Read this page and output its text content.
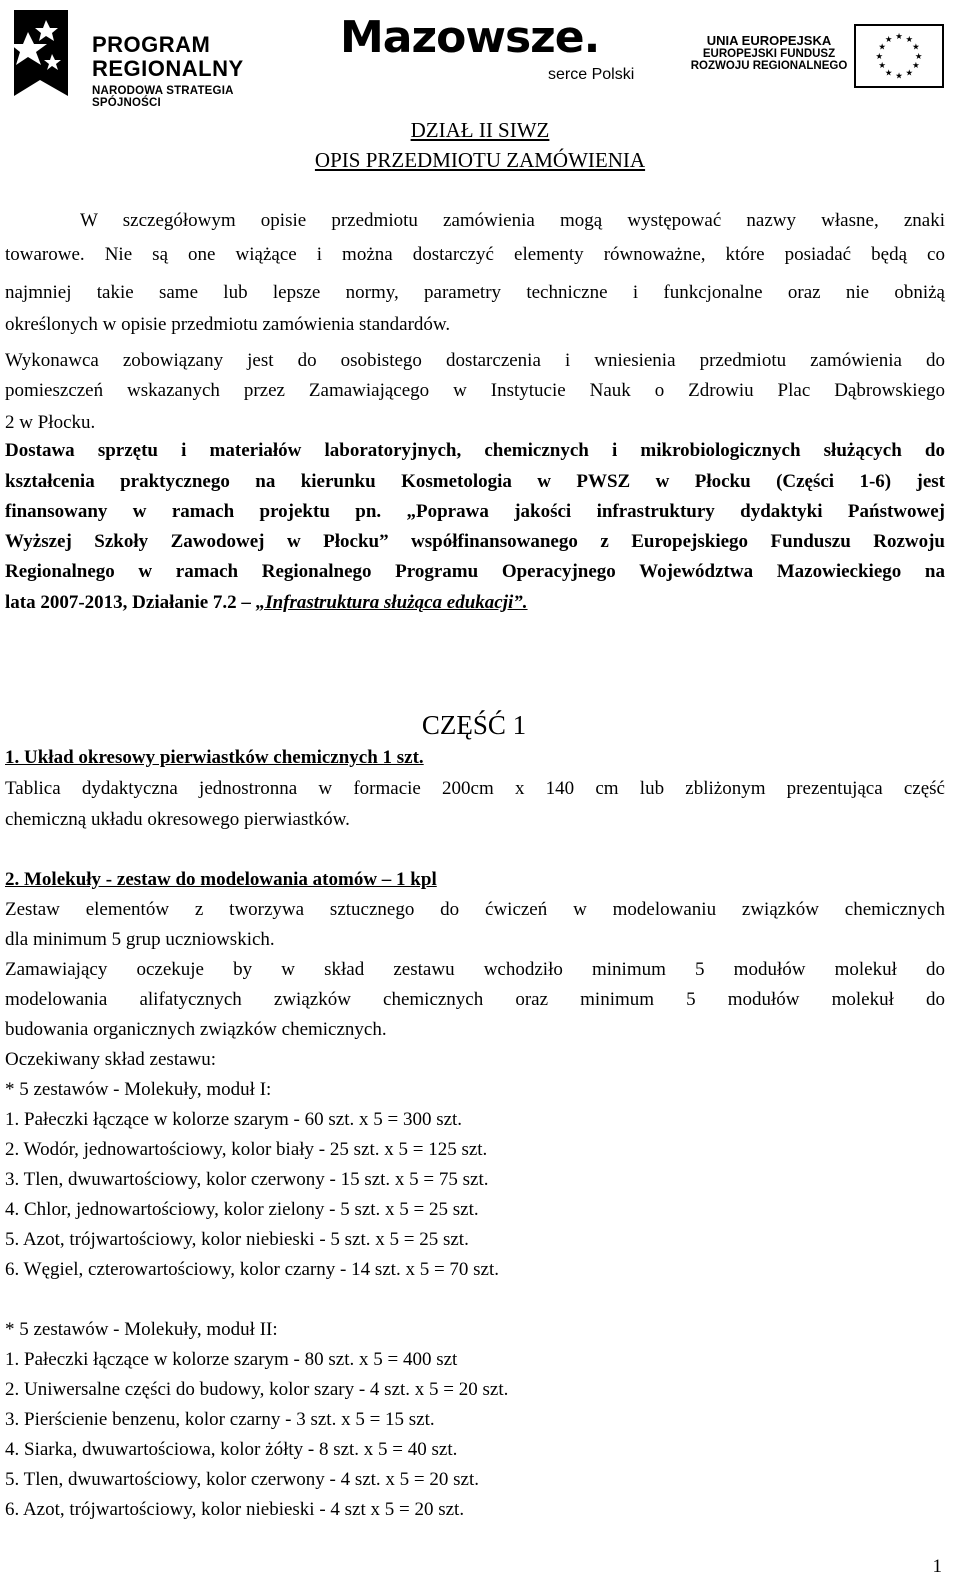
PROGRAM
REGIONALNY
NARODOWA STRATEGIA SPÓJNOŚCI
Mazowsze.
serce Polski
UNIA EUROPEJSKA
EUROPEJSKI FUNDUSZ
ROZWOJU REGIONALNEGO
★ ★
★
★
★
★
★
★
★
★
★
★
DZIAŁ II SIWZ
OPIS PRZEDMIOTU ZAMÓWIENIA
W szczegółowym opisie przedmiotu zamówienia mogą występować nazwy własne, znaki
towarowe. Nie są one wiążące i można dostarczyć elementy równoważne, które posiadać będą co
najmniej takie same lub lepsze normy, parametry techniczne i funkcjonalne oraz nie obniżą
określonych w opisie przedmiotu zamówienia standardów.
Wykonawca zobowiązany jest do osobistego dostarczenia i wniesienia przedmiotu zamówienia do
pomieszczeń wskazanych przez Zamawiającego w Instytucie Nauk o Zdrowiu Plac Dąbrowskiego
2 w Płocku.
Dostawa sprzętu i materiałów laboratoryjnych, chemicznych i mikrobiologicznych służących do
kształcenia praktycznego na kierunku Kosmetologia w PWSZ w Płocku (Części 1-6) jest
finansowany w ramach projektu pn. „Poprawa jakości infrastruktury dydaktyki Państwowej
Wyższej Szkoły Zawodowej w Płocku” współfinansowanego z Europejskiego Funduszu Rozwoju
Regionalnego w ramach Regionalnego Programu Operacyjnego Województwa Mazowieckiego na
lata 2007-2013, Działanie 7.2 – „Infrastruktura służąca edukacji”.
CZĘŚĆ 1
1. Układ okresowy pierwiastków chemicznych 1 szt.
Tablica dydaktyczna jednostronna w formacie 200cm x 140 cm lub zbliżonym prezentująca część
chemiczną układu okresowego pierwiastków.
2. Molekuły - zestaw do modelowania atomów – 1 kpl
Zestaw elementów z tworzywa sztucznego do ćwiczeń w modelowaniu związków chemicznych
dla minimum 5 grup uczniowskich.
Zamawiający oczekuje by w skład zestawu wchodziło minimum 5 modułów molekuł do
modelowania alifatycznych związków chemicznych oraz minimum 5 modułów molekuł do
budowania organicznych związków chemicznych.
Oczekiwany skład zestawu:
* 5 zestawów - Molekuły, moduł I:
1. Pałeczki łączące w kolorze szarym - 60 szt. x 5 = 300 szt.
2. Wodór, jednowartościowy, kolor biały - 25 szt. x 5 = 125 szt.
3. Tlen, dwuwartościowy, kolor czerwony - 15 szt. x 5 = 75 szt.
4. Chlor, jednowartościowy, kolor zielony - 5 szt. x 5 = 25 szt.
5. Azot, trójwartościowy, kolor niebieski - 5 szt. x 5 = 25 szt.
6. Węgiel, czterowartościowy, kolor czarny - 14 szt. x 5 = 70 szt.
* 5 zestawów - Molekuły, moduł II:
1. Pałeczki łączące w kolorze szarym - 80 szt. x 5 = 400 szt
2. Uniwersalne części do budowy, kolor szary - 4 szt. x 5 = 20 szt.
3. Pierścienie benzenu, kolor czarny - 3 szt. x 5 = 15 szt.
4. Siarka, dwuwartościowa, kolor żółty - 8 szt. x 5 = 40 szt.
5. Tlen, dwuwartościowy, kolor czerwony - 4 szt. x 5 = 20 szt.
6. Azot, trójwartościowy, kolor niebieski - 4 szt x 5 = 20 szt.
1
